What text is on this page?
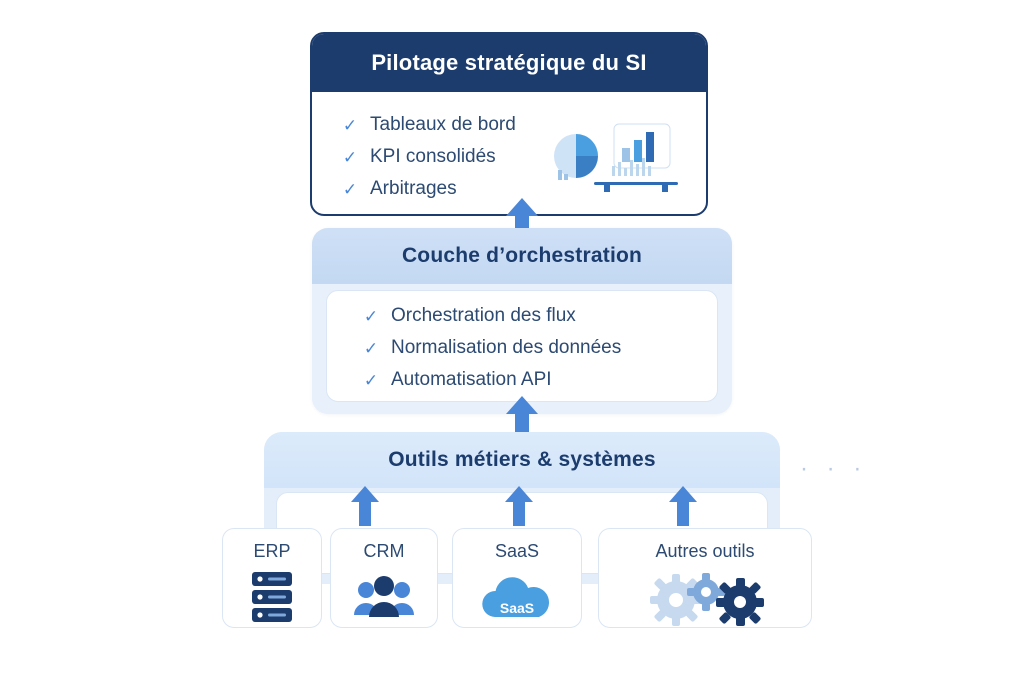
Pilotage stratégique du SI
✓ Tableaux de bord
✓ KPI consolidés
✓ Arbitrages
Couche d’orchestration
✓ Orchestration des flux
✓ Normalisation des données
✓ Automatisation API
Outils métiers & systèmes	· · ·
ERP	CRM	SaaS
SaaS
Autres outils
